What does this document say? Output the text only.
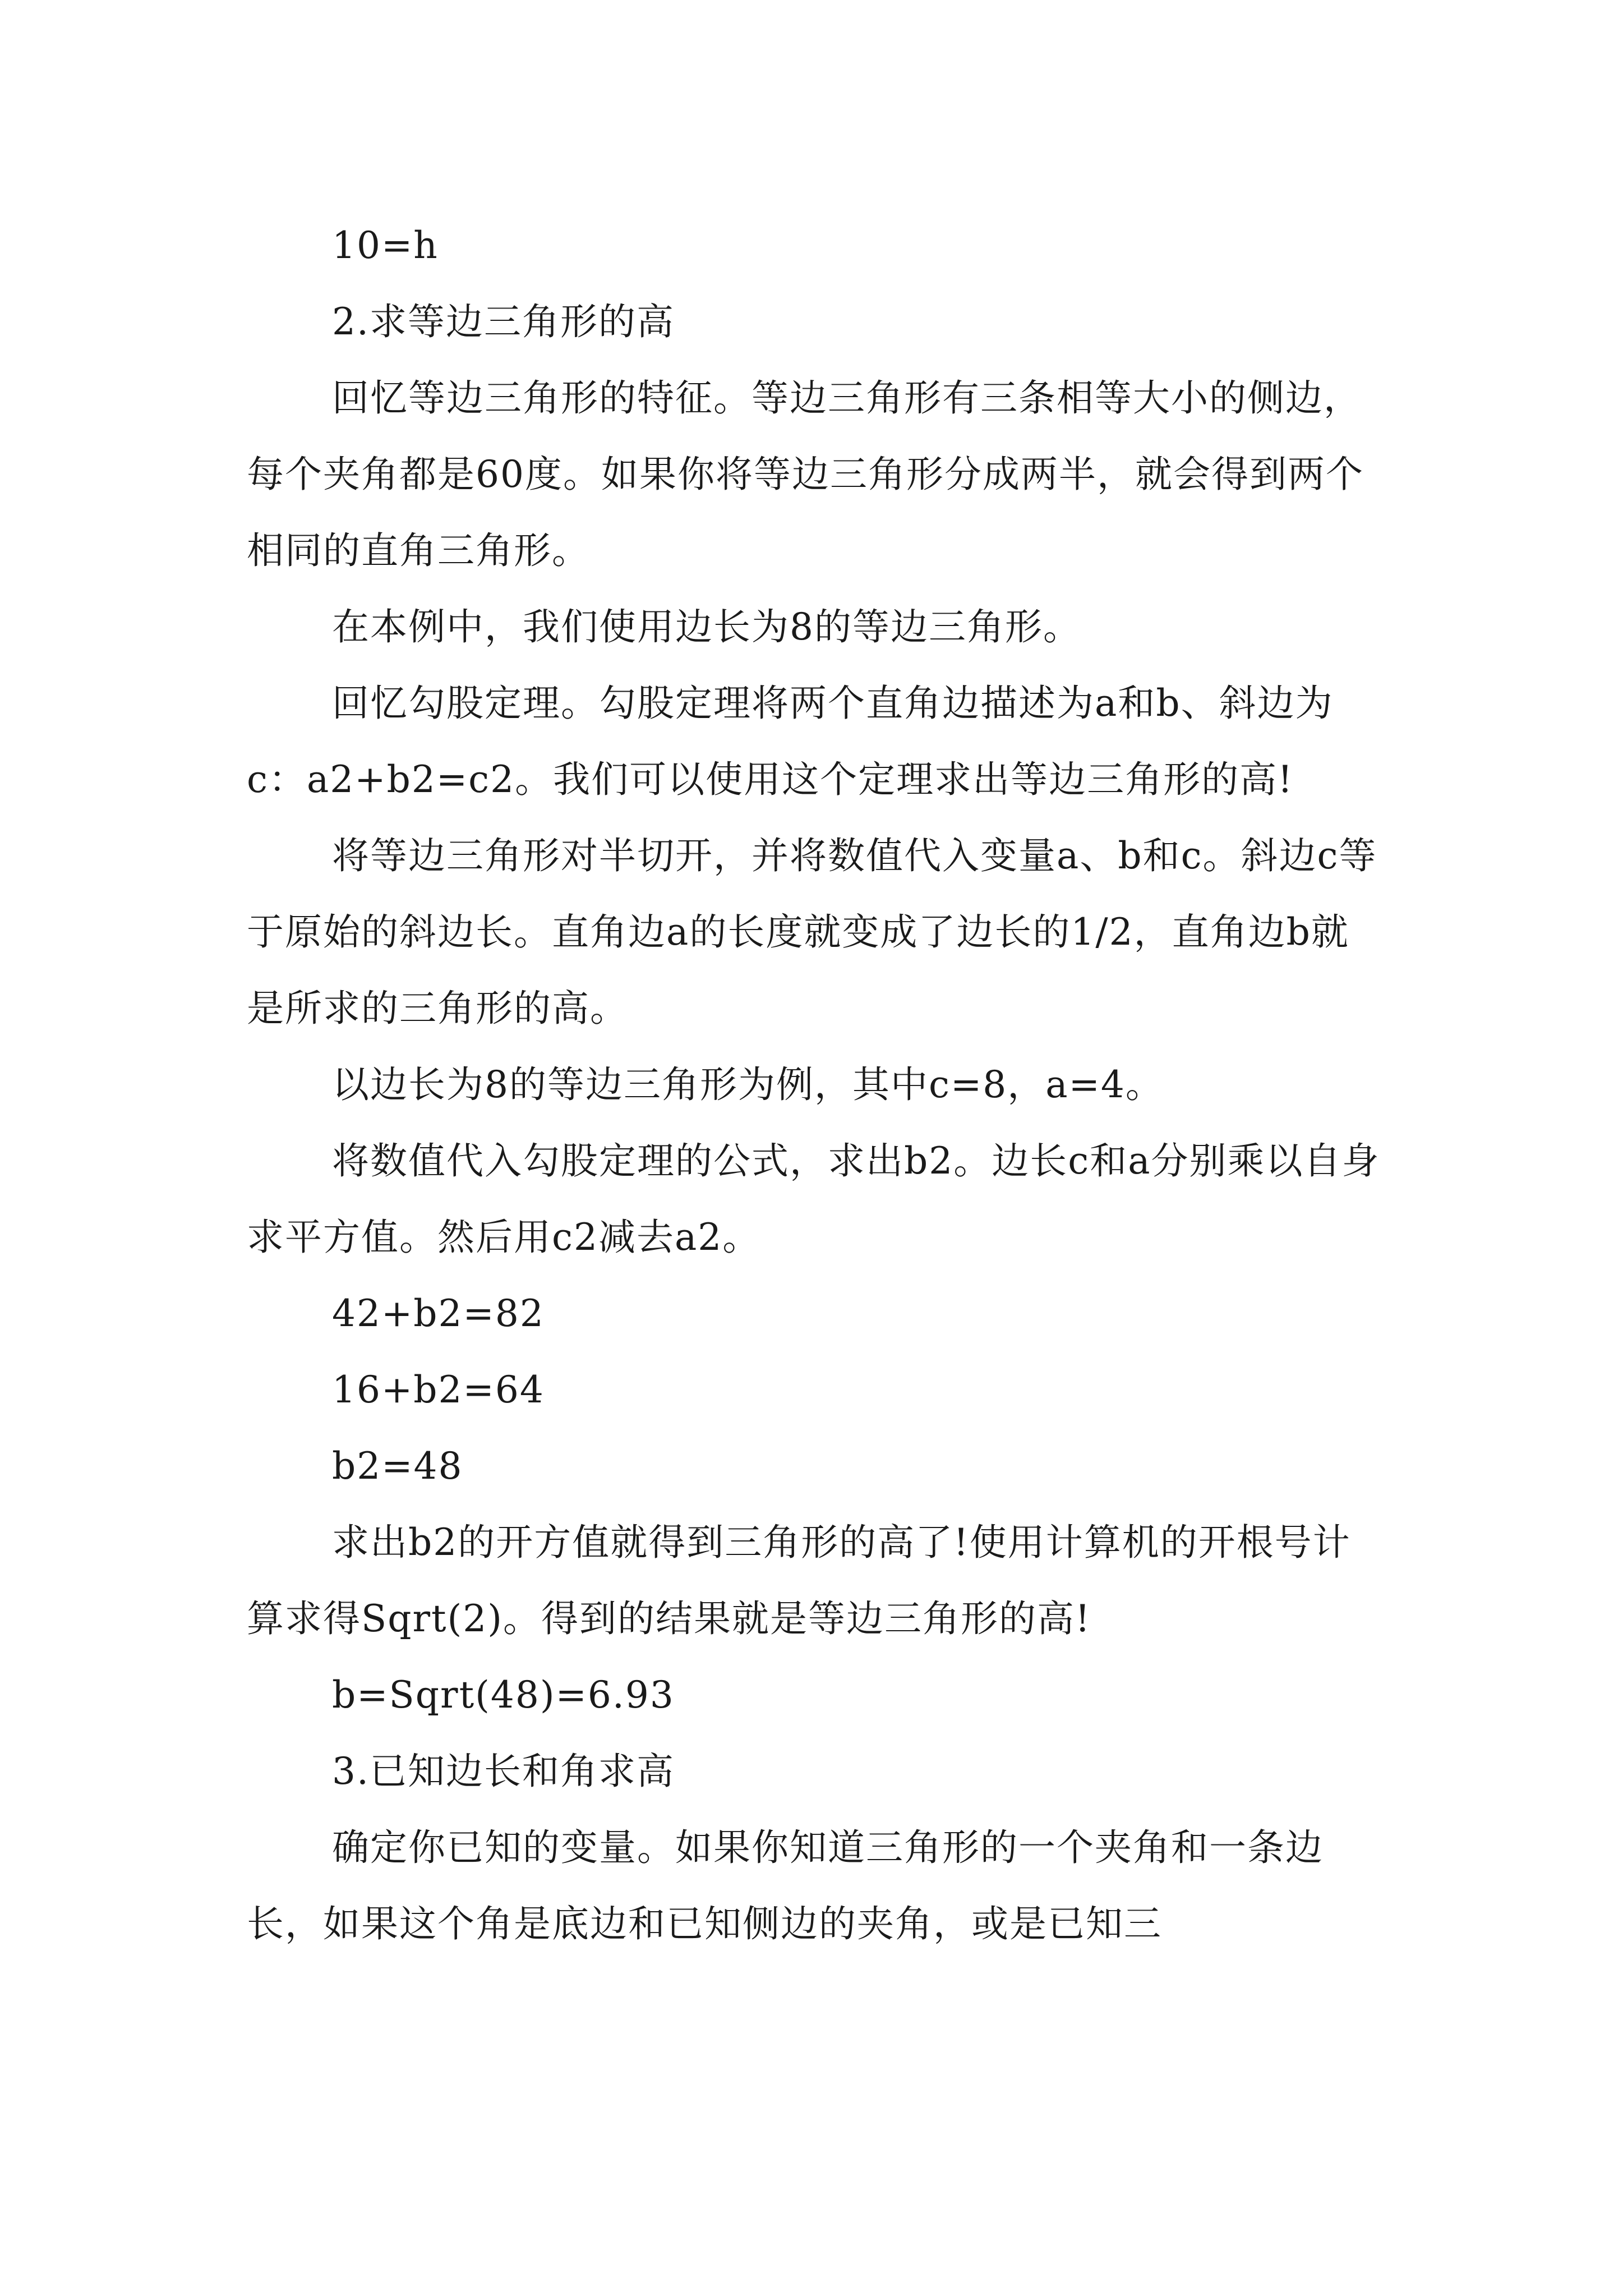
10=h

2.求等边三角形的高

回忆等边三角形的特征。等边三角形有三条相等大小的侧边，每个夹角都是60度。如果你将等边三角形分成两半，就会得到两个相同的直角三角形。

在本例中，我们使用边长为8的等边三角形。

回忆勾股定理。勾股定理将两个直角边描述为a和b、斜边为c：a2+b2=c2。我们可以使用这个定理求出等边三角形的高!

将等边三角形对半切开，并将数值代入变量a、b和c。斜边c等于原始的斜边长。直角边a的长度就变成了边长的1/2，直角边b就是所求的三角形的高。

以边长为8的等边三角形为例，其中c=8，a=4。

将数值代入勾股定理的公式，求出b2。边长c和a分别乘以自身求平方值。然后用c2减去a2。

42+b2=82

16+b2=64

b2=48

求出b2的开方值就得到三角形的高了!使用计算机的开根号计算求得Sqrt(2)。得到的结果就是等边三角形的高!

b=Sqrt(48)=6.93

3.已知边长和角求高

确定你已知的变量。如果你知道三角形的一个夹角和一条边长，如果这个角是底边和已知侧边的夹角，或是已知三
